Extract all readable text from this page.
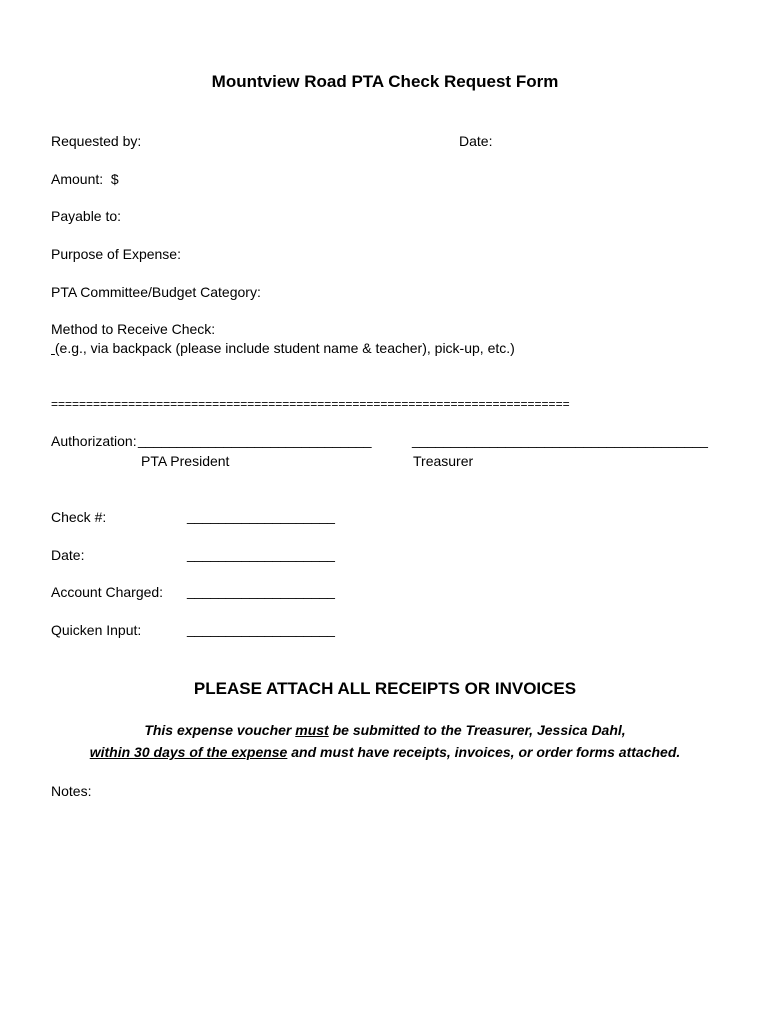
Mountview Road PTA Check Request Form
Requested by:	Date:
Amount:  $
Payable to:
Purpose of Expense:
PTA Committee/Budget Category:
Method to Receive Check:
(e.g., via backpack (please include student name & teacher), pick-up, etc.)
==========================================================================
Authorization: ______________________________	______________________________________
PTA President	Treasurer
Check #:	___________________
Date:	___________________
Account Charged: ___________________
Quicken Input:	___________________
PLEASE ATTACH ALL RECEIPTS OR INVOICES
This expense voucher must be submitted to the Treasurer, Jessica Dahl,
within 30 days of the expense and must have receipts, invoices, or order forms attached.
Notes:
